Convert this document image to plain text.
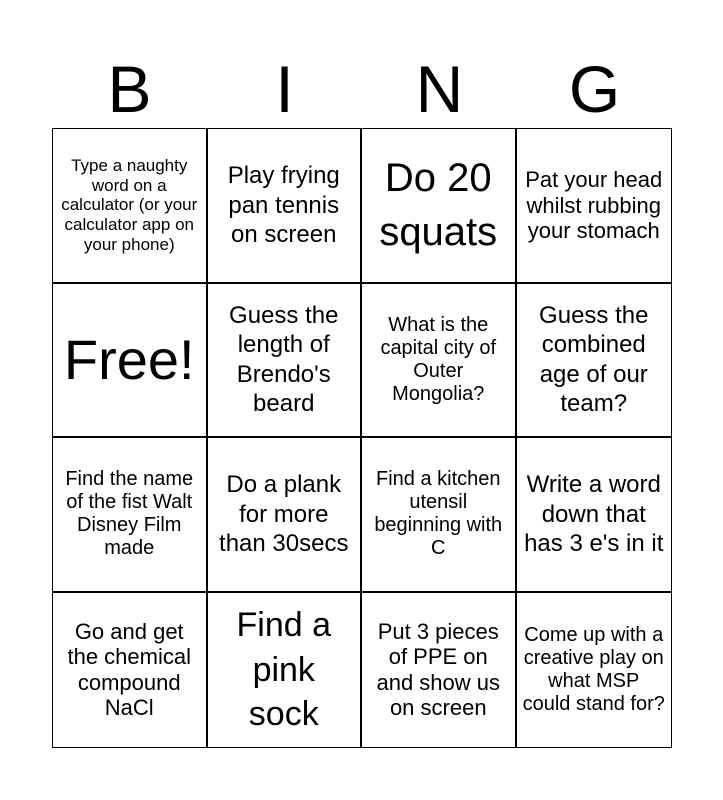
B	I	N	G
Type a naughty word on a calculator (or your calculator app on your phone)
Play frying pan tennis on screen
Do 20 squats
Pat your head whilst rubbing your stomach
Free!
Guess the length of Brendo's beard
What is the capital city of Outer Mongolia?
Guess the combined age of our team?
Find the name of the fist Walt Disney Film made
Do a plank for more than 30secs
Find a kitchen utensil beginning with C
Write a word down that has 3 e's in it
Go and get the chemical compound NaCl
Find a pink sock
Put 3 pieces of PPE on and show us on screen
Come up with a creative play on what MSP could stand for?
